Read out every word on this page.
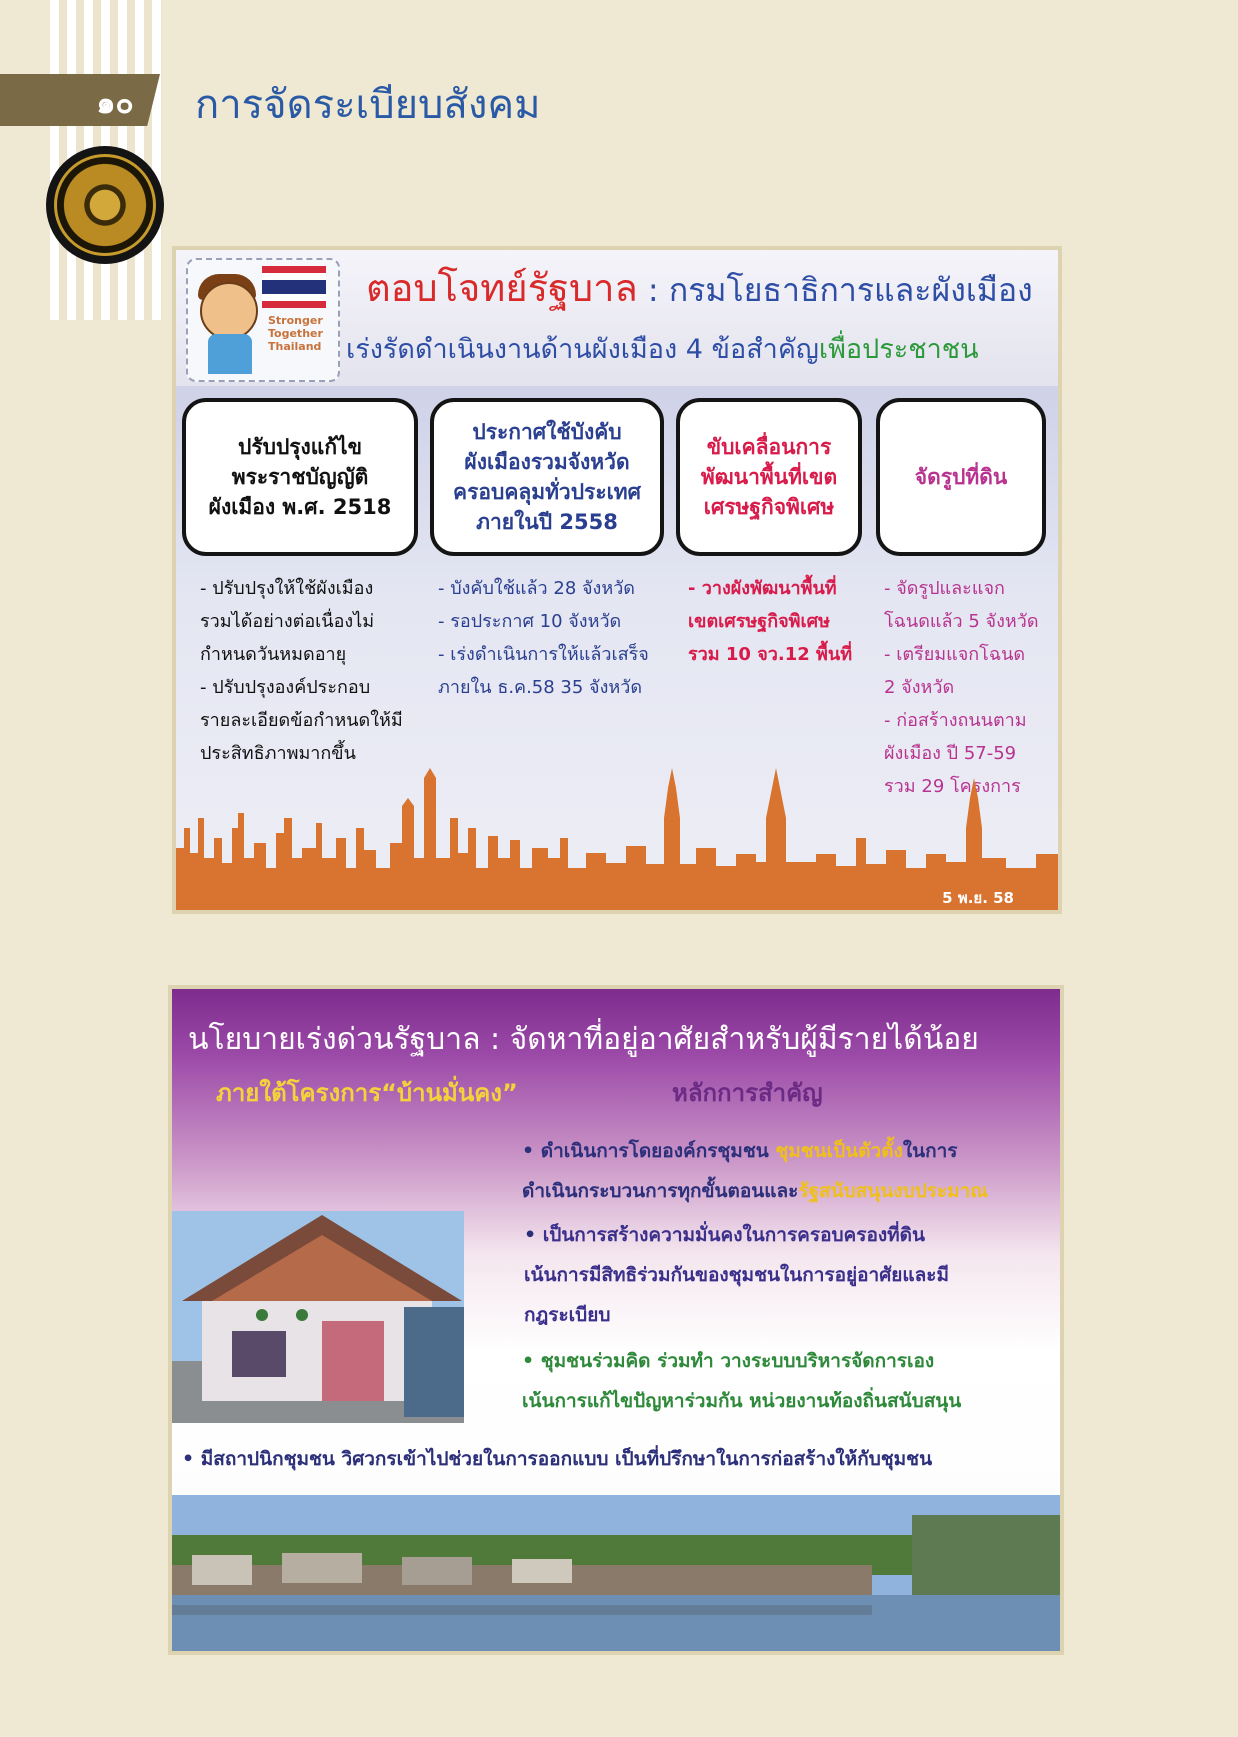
๑๐	การจัดระเบียบสังคม
Stronger
Together
Thailand
ตอบโจทย์รัฐบาล : กรมโยธาธิการและผังเมือง
เร่งรัดดำเนินงานด้านผังเมือง 4 ข้อสำคัญเพื่อประชาชน
ปรับปรุงแก้ไข
พระราชบัญญัติ
ผังเมือง พ.ศ. 2518
ประกาศใช้บังคับ
ผังเมืองรวมจังหวัด
ครอบคลุมทั่วประเทศ
ภายในปี 2558
ขับเคลื่อนการ
พัฒนาพื้นที่เขต
เศรษฐกิจพิเศษ
จัดรูปที่ดิน
- ปรับปรุงให้ใช้ผังเมือง
รวมได้อย่างต่อเนื่องไม่
กำหนดวันหมดอายุ
- ปรับปรุงองค์ประกอบ
รายละเอียดข้อกำหนดให้มี
ประสิทธิภาพมากขึ้น
- บังคับใช้แล้ว 28 จังหวัด
- รอประกาศ 10 จังหวัด
- เร่งดำเนินการให้แล้วเสร็จ
ภายใน ธ.ค.58 35 จังหวัด
- วางผังพัฒนาพื้นที่
เขตเศรษฐกิจพิเศษ
รวม 10 จว.12 พื้นที่
- จัดรูปและแจก
โฉนดแล้ว 5 จังหวัด
- เตรียมแจกโฉนด
2 จังหวัด
- ก่อสร้างถนนตาม
ผังเมือง ปี 57-59
รวม 29 โครงการ
5 พ.ย. 58
นโยบายเร่งด่วนรัฐบาล : จัดหาที่อยู่อาศัยสำหรับผู้มีรายได้น้อย
ภายใต้โครงการ“บ้านมั่นคง”	หลักการสำคัญ
• ดำเนินการโดยองค์กรชุมชน ชุมชนเป็นตัวตั้งในการ
ดำเนินกระบวนการทุกขั้นตอนและรัฐสนับสนุนงบประมาณ
• เป็นการสร้างความมั่นคงในการครอบครองที่ดิน
เน้นการมีสิทธิร่วมกันของชุมชนในการอยู่อาศัยและมี
กฎระเบียบ
• ชุมชนร่วมคิด ร่วมทำ วางระบบบริหารจัดการเอง
เน้นการแก้ไขปัญหาร่วมกัน หน่วยงานท้องถิ่นสนับสนุน
• มีสถาปนิกชุมชน วิศวกรเข้าไปช่วยในการออกแบบ เป็นที่ปรึกษาในการก่อสร้างให้กับชุมชน
